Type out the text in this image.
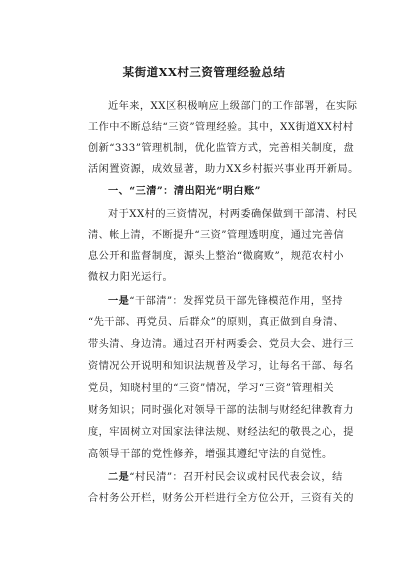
某街道XX村三资管理经验总结

近年来，XX区积极响应上级部门的工作部署，在实际

工作中不断总结“三资”管理经验。其中，XX街道XX村村

创新“333”管理机制，优化监管方式，完善相关制度，盘

活闲置资源，成效显著，助力XX乡村振兴事业再开新局。

一、“三清”：清出阳光“明白账”

对于XX村的三资情况，村两委确保做到干部清、村民

清、帐上清，不断提升“三资”管理透明度，通过完善信

息公开和监督制度，源头上整治“微腐败”，规范农村小

微权力阳光运行。

一是“干部清”：发挥党员干部先锋模范作用，坚持

“先干部、再党员、后群众”的原则，真正做到自身清、

带头清、身边清。通过召开村两委会、党员大会、进行三

资情况公开说明和知识法规普及学习，让每名干部、每名

党员，知晓村里的“三资”情况，学习“三资”管理相关

财务知识；同时强化对领导干部的法制与财经纪律教育力

度，牢固树立对国家法律法规、财经法纪的敬畏之心，提

高领导干部的党性修养，增强其遵纪守法的自觉性。

二是“村民清”：召开村民会议或村民代表会议，结

合村务公开栏，财务公开栏进行全方位公开，三资有关的
